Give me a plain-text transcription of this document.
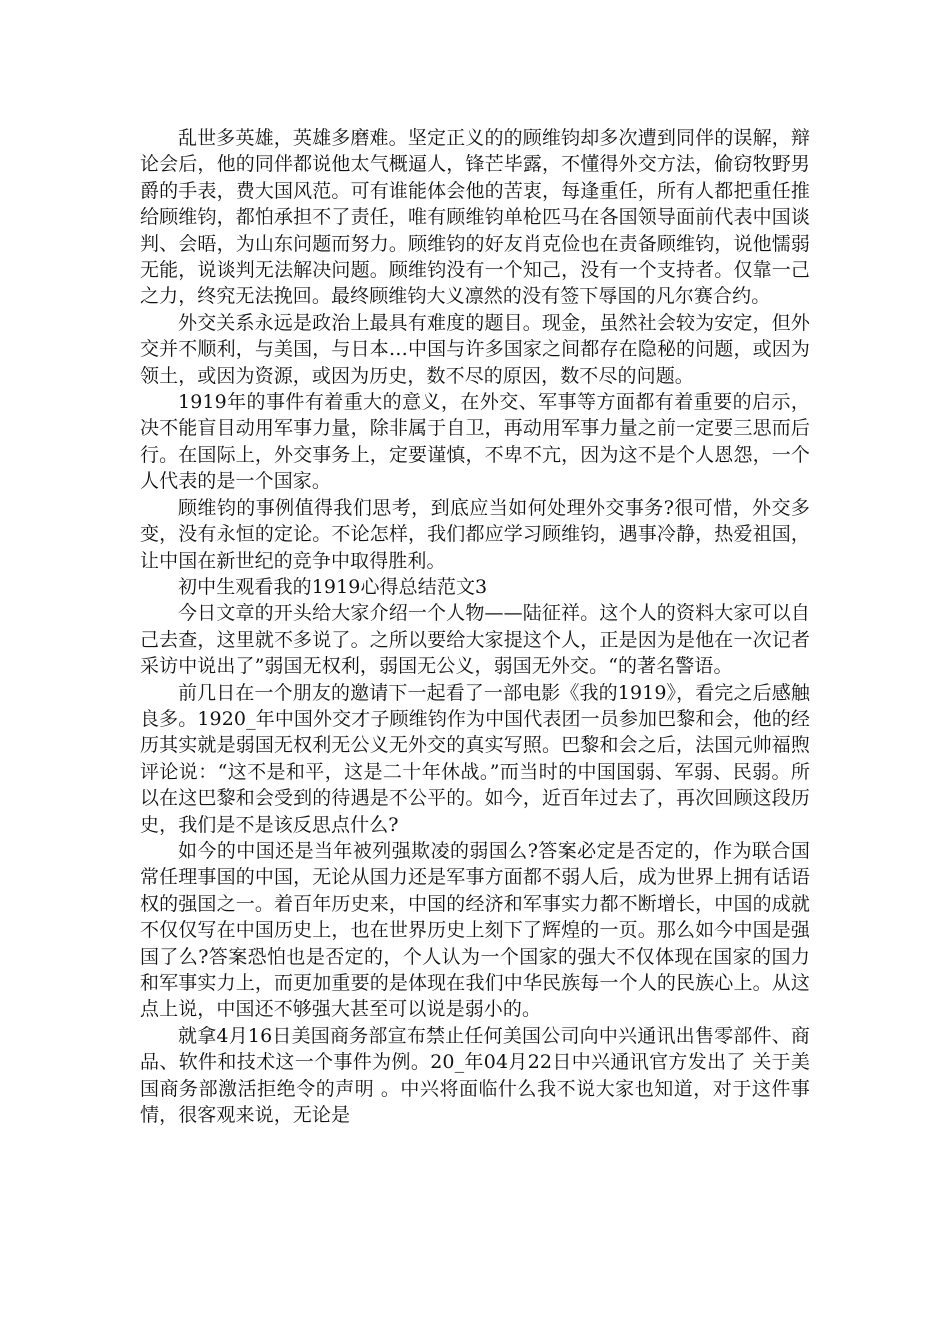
乱世多英雄，英雄多磨难。坚定正义的的顾维钧却多次遭到同伴的误解，辩论会后，他的同伴都说他太气概逼人，锋芒毕露，不懂得外交方法，偷窃牧野男爵的手表，费大国风范。可有谁能体会他的苦衷，每逢重任，所有人都把重任推给顾维钧，都怕承担不了责任，唯有顾维钧单枪匹马在各国领导面前代表中国谈判、会晤，为山东问题而努力。顾维钧的好友肖克俭也在责备顾维钧，说他懦弱无能，说谈判无法解决问题。顾维钧没有一个知己，没有一个支持者。仅靠一己之力，终究无法挽回。最终顾维钧大义凛然的没有签下辱国的凡尔赛合约。

外交关系永远是政治上最具有难度的题目。现金，虽然社会较为安定，但外交并不顺利，与美国，与日本…中国与许多国家之间都存在隐秘的问题，或因为领土，或因为资源，或因为历史，数不尽的原因，数不尽的问题。

1919年的事件有着重大的意义，在外交、军事等方面都有着重要的启示，决不能盲目动用军事力量，除非属于自卫，再动用军事力量之前一定要三思而后行。在国际上，外交事务上，定要谨慎，不卑不亢，因为这不是个人恩怨，一个人代表的是一个国家。

顾维钧的事例值得我们思考，到底应当如何处理外交事务?很可惜，外交多变，没有永恒的定论。不论怎样，我们都应学习顾维钧，遇事冷静，热爱祖国，让中国在新世纪的竞争中取得胜利。

初中生观看我的1919心得总结范文3

今日文章的开头给大家介绍一个人物——陆征祥。这个人的资料大家可以自己去查，这里就不多说了。之所以要给大家提这个人，正是因为是他在一次记者采访中说出了”弱国无权利，弱国无公义，弱国无外交。“的著名警语。

前几日在一个朋友的邀请下一起看了一部电影《我的1919》，看完之后感触良多。1920_年中国外交才子顾维钧作为中国代表团一员参加巴黎和会，他的经历其实就是弱国无权利无公义无外交的真实写照。巴黎和会之后，法国元帅福煦评论说：“这不是和平，这是二十年休战。”而当时的中国国弱、军弱、民弱。所以在这巴黎和会受到的待遇是不公平的。如今，近百年过去了，再次回顾这段历史，我们是不是该反思点什么?

如今的中国还是当年被列强欺凌的弱国么?答案必定是否定的，作为联合国常任理事国的中国，无论从国力还是军事方面都不弱人后，成为世界上拥有话语权的强国之一。着百年历史来，中国的经济和军事实力都不断增长，中国的成就不仅仅写在中国历史上，也在世界历史上刻下了辉煌的一页。那么如今中国是强国了么?答案恐怕也是否定的，个人认为一个国家的强大不仅体现在国家的国力和军事实力上，而更加重要的是体现在我们中华民族每一个人的民族心上。从这点上说，中国还不够强大甚至可以说是弱小的。

就拿4月16日美国商务部宣布禁止任何美国公司向中兴通讯出售零部件、商品、软件和技术这一个事件为例。20_年04月22日中兴通讯官方发出了 关于美国商务部激活拒绝令的声明 。中兴将面临什么我不说大家也知道，对于这件事情，很客观来说，无论是
